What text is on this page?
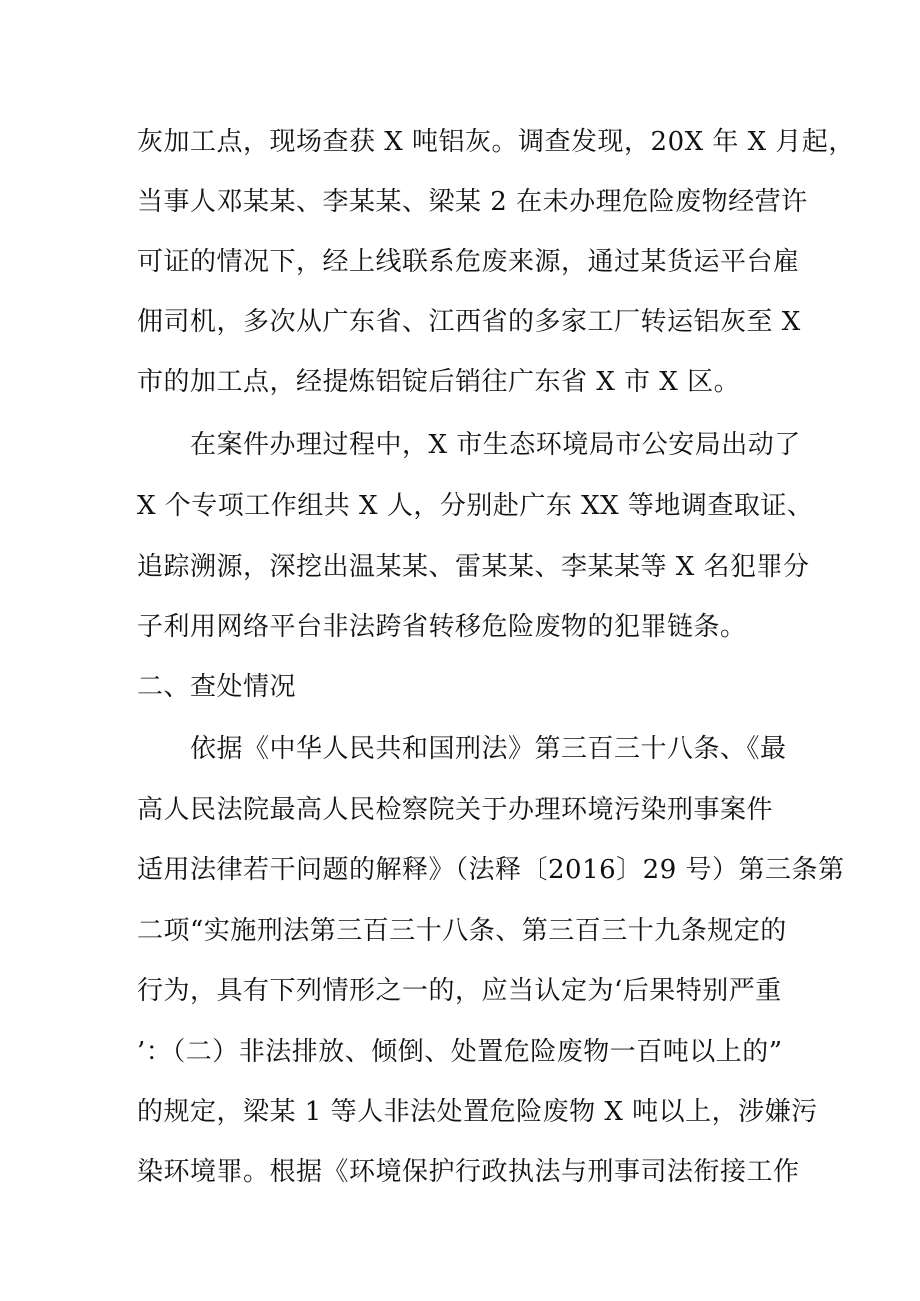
灰加工点，现场查获 X 吨铝灰。调查发现，20X 年 X 月起，
当事人邓某某、李某某、梁某 2 在未办理危险废物经营许
可证的情况下，经上线联系危废来源，通过某货运平台雇
佣司机，多次从广东省、江西省的多家工厂转运铝灰至 X
市的加工点，经提炼铝锭后销往广东省 X 市 X 区。
在案件办理过程中，X 市生态环境局市公安局出动了
X 个专项工作组共 X 人，分别赴广东 XX 等地调查取证、
追踪溯源，深挖出温某某、雷某某、李某某等 X 名犯罪分
子利用网络平台非法跨省转移危险废物的犯罪链条。
二、查处情况
依据《中华人民共和国刑法》第三百三十八条、《最
高人民法院最高人民检察院关于办理环境污染刑事案件
适用法律若干问题的解释》（法释〔2016〕29 号）第三条第
二项“实施刑法第三百三十八条、第三百三十九条规定的
行为，具有下列情形之一的，应当认定为‘后果特别严重
’：（二）非法排放、倾倒、处置危险废物一百吨以上的”
的规定，梁某 1 等人非法处置危险废物 X 吨以上，涉嫌污
染环境罪。根据《环境保护行政执法与刑事司法衔接工作
